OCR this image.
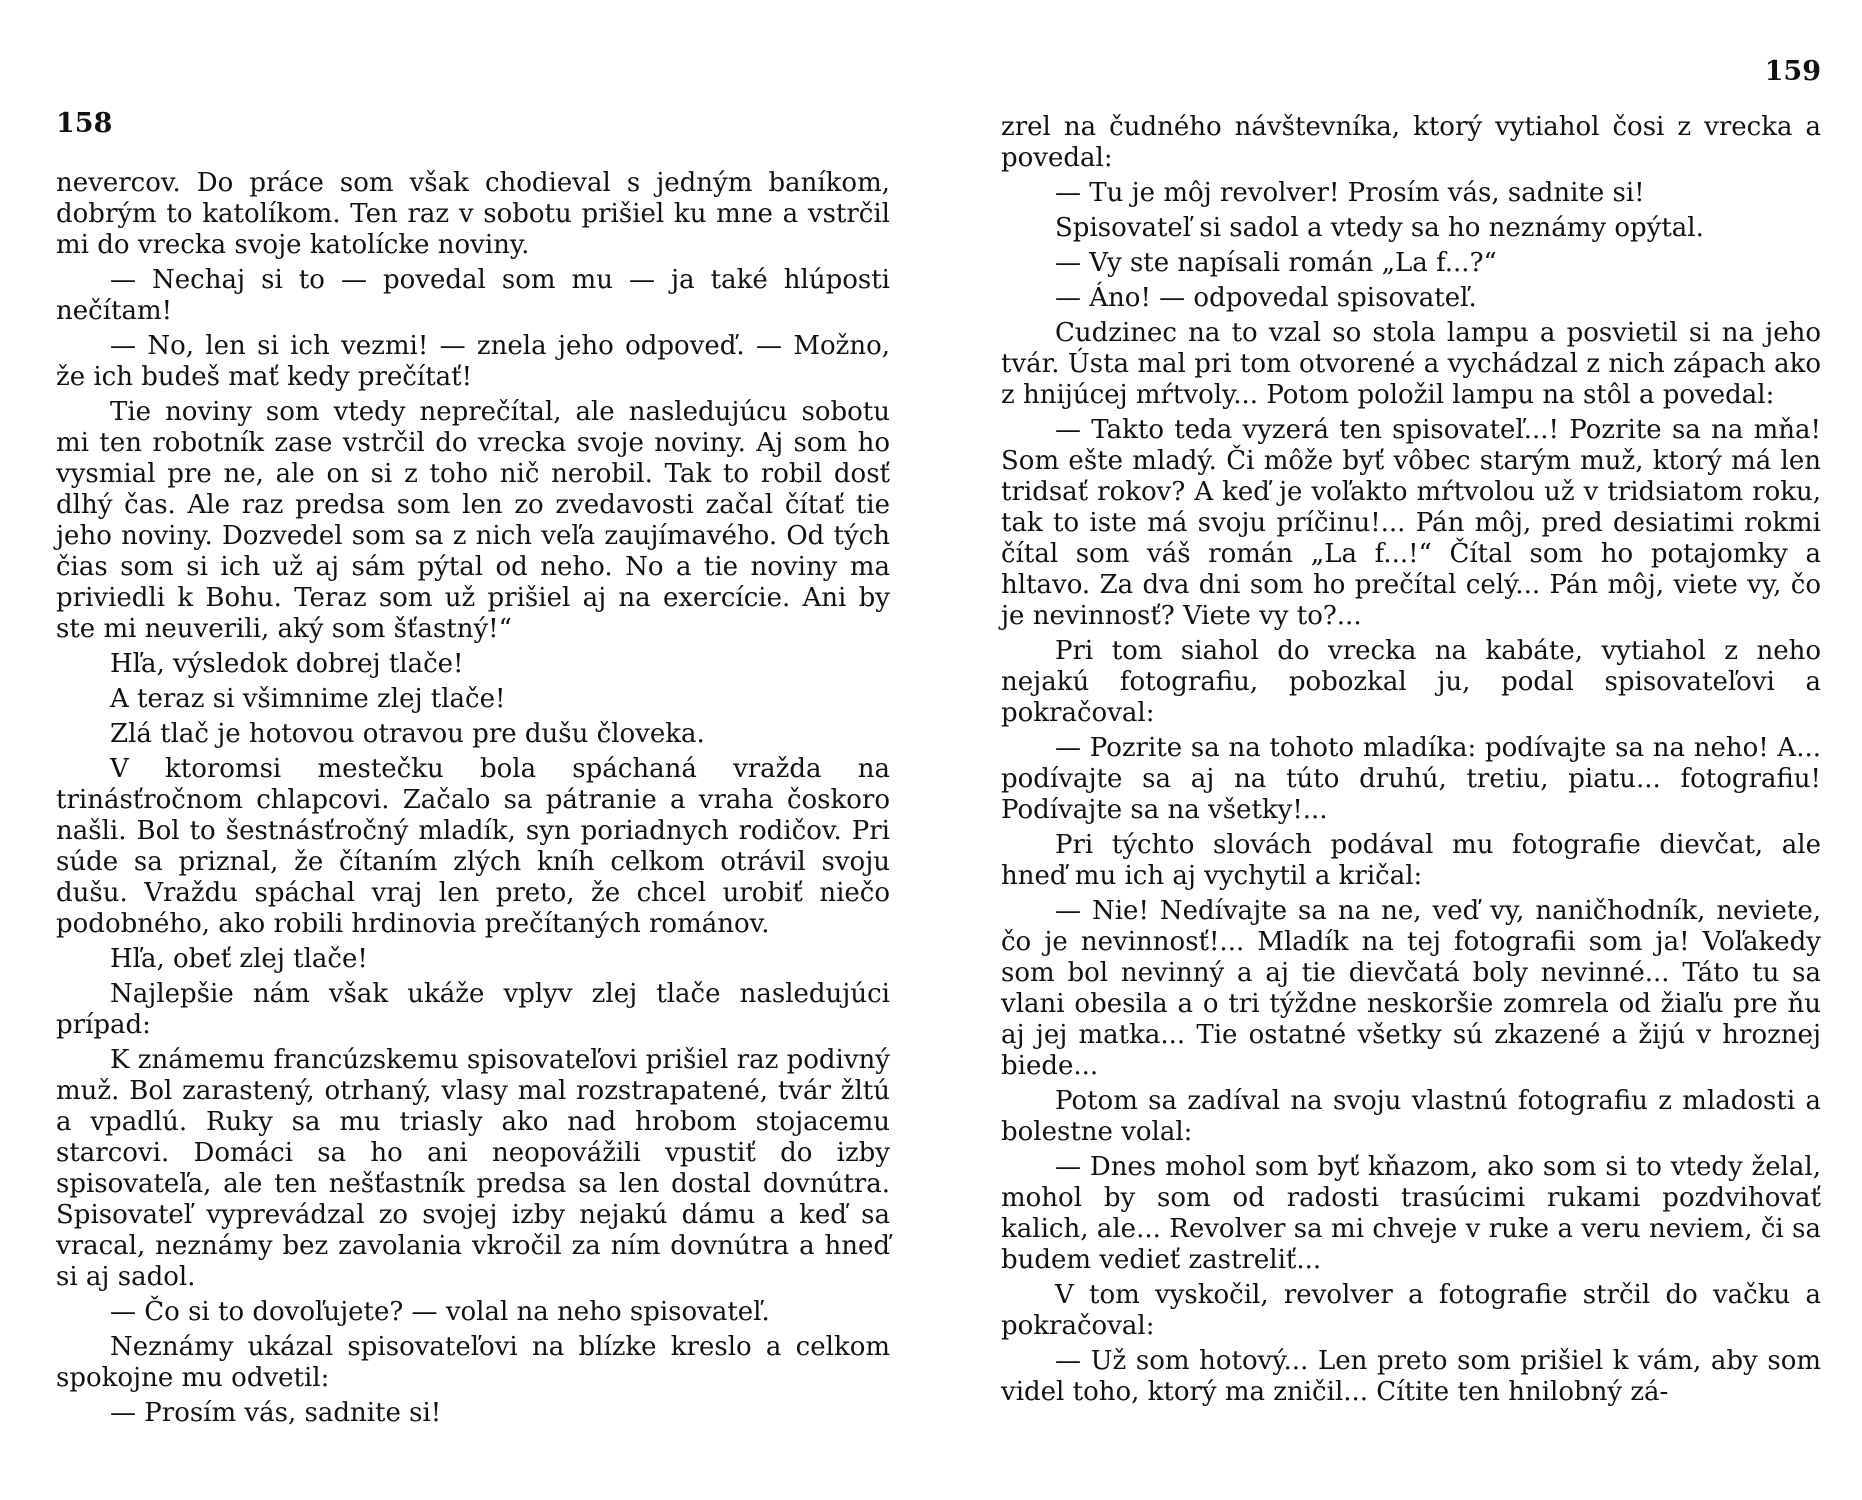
158

nevercov. Do práce som však chodieval s jedným baníkom, dobrým to katolíkom. Ten raz v sobotu prišiel ku mne a vstrčil mi do vrecka svoje katolícke noviny.

— Nechaj si to — povedal som mu — ja také hlúposti nečítam!

— No, len si ich vezmi! — znela jeho odpoveď. — Možno, že ich budeš mať kedy prečítať!

Tie noviny som vtedy neprečítal, ale nasledujúcu sobotu mi ten robotník zase vstrčil do vrecka svoje noviny. Aj som ho vysmial pre ne, ale on si z toho nič nerobil. Tak to robil dosť dlhý čas. Ale raz predsa som len zo zvedavosti začal čítať tie jeho noviny. Dozvedel som sa z nich veľa zaujímavého. Od tých čias som si ich už aj sám pýtal od neho. No a tie noviny ma priviedli k Bohu. Teraz som už prišiel aj na exercície. Ani by ste mi neuverili, aký som šťastný!“

Hľa, výsledok dobrej tlače!

A teraz si všimnime zlej tlače!

Zlá tlač je hotovou otravou pre dušu človeka.

V ktoromsi mestečku bola spáchaná vražda na trinásťročnom chlapcovi. Začalo sa pátranie a vraha čoskoro našli. Bol to šestnásťročný mladík, syn poriadnych rodičov. Pri súde sa priznal, že čítaním zlých kníh celkom otrávil svoju dušu. Vraždu spáchal vraj len preto, že chcel urobiť niečo podobného, ako robili hrdinovia prečítaných románov.

Hľa, obeť zlej tlače!

Najlepšie nám však ukáže vplyv zlej tlače nasledujúci prípad:

K známemu francúzskemu spisovateľovi prišiel raz podivný muž. Bol zarastený, otrhaný, vlasy mal rozstrapatené, tvár žltú a vpadlú. Ruky sa mu triasly ako nad hrobom stojacemu starcovi. Domáci sa ho ani neopovážili vpustiť do izby spisovateľa, ale ten nešťastník predsa sa len dostal dovnútra. Spisovateľ vyprevádzal zo svojej izby nejakú dámu a keď sa vracal, neznámy bez zavolania vkročil za ním dovnútra a hneď si aj sadol.

— Čo si to dovoľujete? — volal na neho spisovateľ.

Neznámy ukázal spisovateľovi na blízke kreslo a celkom spokojne mu odvetil:

— Prosím vás, sadnite si!

159

zrel na čudného návštevníka, ktorý vytiahol čosi z vrecka a povedal:

— Tu je môj revolver! Prosím vás, sadnite si!

Spisovateľ si sadol a vtedy sa ho neznámy opýtal.

— Vy ste napísali román „La f...?“

— Áno! — odpovedal spisovateľ.

Cudzinec na to vzal so stola lampu a posvietil si na jeho tvár. Ústa mal pri tom otvorené a vychádzal z nich zápach ako z hnijúcej mŕtvoly... Potom položil lampu na stôl a povedal:

— Takto teda vyzerá ten spisovateľ...! Pozrite sa na mňa! Som ešte mladý. Či môže byť vôbec starým muž, ktorý má len tridsať rokov? A keď je voľakto mŕtvolou už v tridsiatom roku, tak to iste má svoju príčinu!... Pán môj, pred desiatimi rokmi čítal som váš román „La f...!“ Čítal som ho potajomky a hltavo. Za dva dni som ho prečítal celý... Pán môj, viete vy, čo je nevinnosť? Viete vy to?...

Pri tom siahol do vrecka na kabáte, vytiahol z neho nejakú fotografiu, pobozkal ju, podal spisovateľovi a pokračoval:

— Pozrite sa na tohoto mladíka: podívajte sa na neho! A... podívajte sa aj na túto druhú, tretiu, piatu... fotografiu! Podívajte sa na všetky!...

Pri týchto slovách podával mu fotografie dievčat, ale hneď mu ich aj vychytil a kričal:

— Nie! Nedívajte sa na ne, veď vy, naničhodník, neviete, čo je nevinnosť!... Mladík na tej fotografii som ja! Voľakedy som bol nevinný a aj tie dievčatá boly nevinné... Táto tu sa vlani obesila a o tri týždne neskoršie zomrela od žiaľu pre ňu aj jej matka... Tie ostatné všetky sú zkazené a žijú v hroznej biede...

Potom sa zadíval na svoju vlastnú fotografiu z mladosti a bolestne volal:

— Dnes mohol som byť kňazom, ako som si to vtedy želal, mohol by som od radosti trasúcimi rukami pozdvihovať kalich, ale... Revolver sa mi chveje v ruke a veru neviem, či sa budem vedieť zastreliť...

V tom vyskočil, revolver a fotografie strčil do vačku a pokračoval:

— Už som hotový... Len preto som prišiel k vám, aby som videl toho, ktorý ma zničil... Cítite ten hnilobný zá-
